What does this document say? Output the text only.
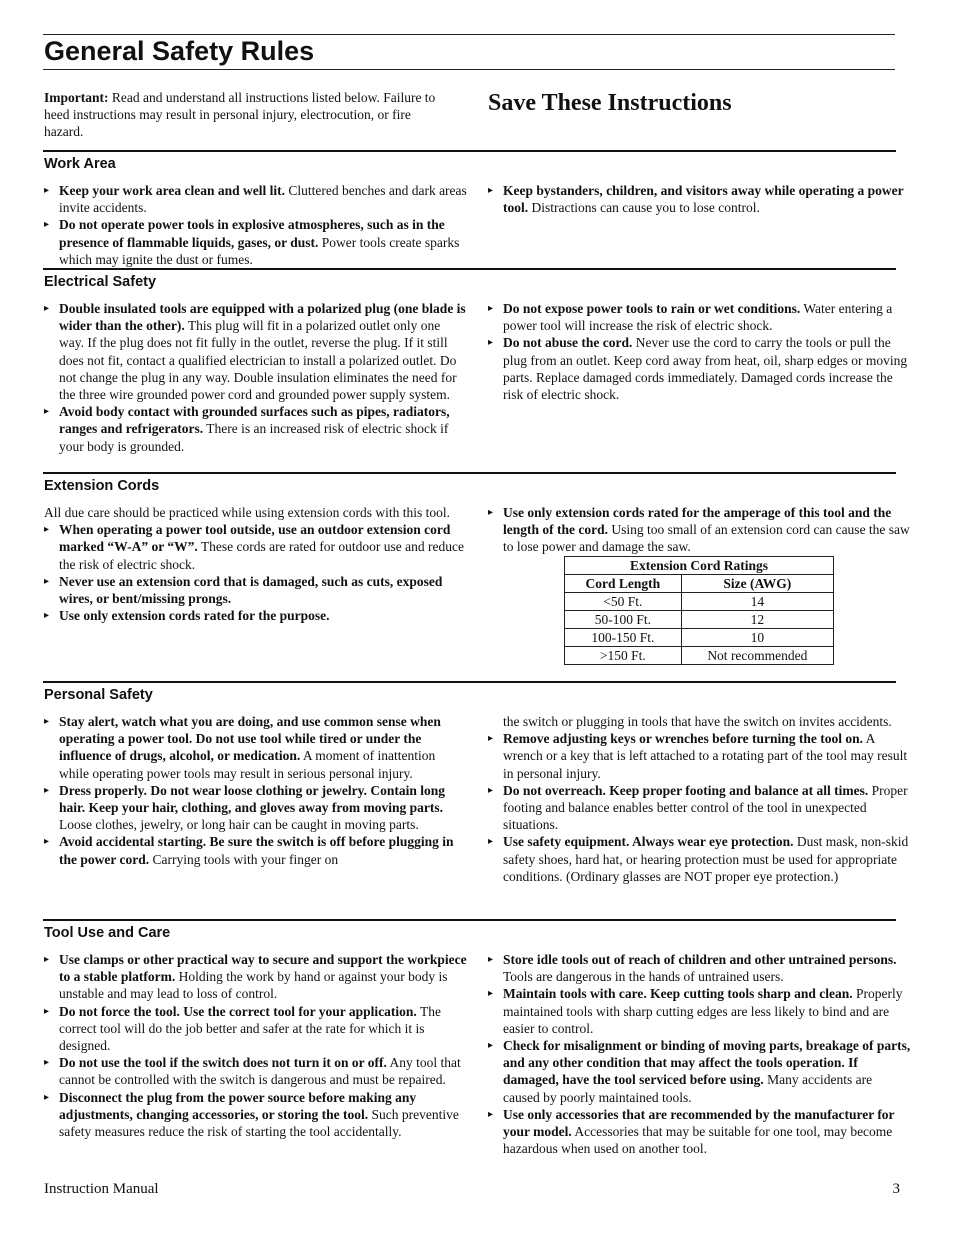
General Safety Rules
Important: Read and understand all instructions listed below. Failure to heed instructions may result in personal injury, electrocution, or fire hazard.
Save These Instructions
Work Area
▸ Keep your work area clean and well lit. Cluttered benches and dark areas invite accidents.
▸ Do not operate power tools in explosive atmospheres, such as in the presence of flammable liquids, gases, or dust. Power tools create sparks which may ignite the dust or fumes.
▸ Keep bystanders, children, and visitors away while operating a power tool. Distractions can cause you to lose control.
Electrical Safety
▸ Double insulated tools are equipped with a polarized plug (one blade is wider than the other). This plug will fit in a polarized outlet only one way. If the plug does not fit fully in the outlet, reverse the plug. If it still does not fit, contact a qualified electrician to install a polarized outlet. Do not change the plug in any way. Double insulation eliminates the need for the three wire grounded power cord and grounded power supply system.
▸ Avoid body contact with grounded surfaces such as pipes, radiators, ranges and refrigerators. There is an increased risk of electric shock if your body is grounded.
▸ Do not expose power tools to rain or wet conditions. Water entering a power tool will increase the risk of electric shock.
▸ Do not abuse the cord. Never use the cord to carry the tools or pull the plug from an outlet. Keep cord away from heat, oil, sharp edges or moving parts. Replace damaged cords immediately. Damaged cords increase the risk of electric shock.
Extension Cords

All due care should be practiced while using extension cords with this tool.

▸ When operating a power tool outside, use an outdoor extension cord marked “W-A” or “W”. These cords are rated for outdoor use and reduce the risk of electric shock.
▸ Never use an extension cord that is damaged, such as cuts, exposed wires, or bent/missing prongs.
▸ Use only extension cords rated for the purpose.
▸ Use only extension cords rated for the amperage of this tool and the length of the cord. Using too small of an extension cord can cause the saw to lose power and damage the saw.
Extension Cord Ratings	
Cord Length	Size (AWG)
<50 Ft.	14
50-100 Ft.	12
100-150 Ft.	10
>150 Ft.	Not recommended
Personal Safety
▸ Stay alert, watch what you are doing, and use common sense when operating a power tool. Do not use tool while tired or under the influence of drugs, alcohol, or medication. A moment of inattention while operating power tools may result in serious personal injury.
▸ Dress properly. Do not wear loose clothing or jewelry. Contain long hair. Keep your hair, clothing, and gloves away from moving parts. Loose clothes, jewelry, or long hair can be caught in moving parts.
▸ Avoid accidental starting. Be sure the switch is off before plugging in the power cord. Carrying tools with your finger on

the switch or plugging in tools that have the switch on invites accidents.

▸ Remove adjusting keys or wrenches before turning the tool on. A wrench or a key that is left attached to a rotating part of the tool may result in personal injury.
▸ Do not overreach. Keep proper footing and balance at all times. Proper footing and balance enables better control of the tool in unexpected situations.
▸ Use safety equipment. Always wear eye protection. Dust mask, non-skid safety shoes, hard hat, or hearing protection must be used for appropriate conditions. (Ordinary glasses are NOT proper eye protection.)
Tool Use and Care
▸ Use clamps or other practical way to secure and support the workpiece to a stable platform. Holding the work by hand or against your body is unstable and may lead to loss of control.
▸ Do not force the tool. Use the correct tool for your application. The correct tool will do the job better and safer at the rate for which it is designed.
▸ Do not use the tool if the switch does not turn it on or off. Any tool that cannot be controlled with the switch is dangerous and must be repaired.
▸ Disconnect the plug from the power source before making any adjustments, changing accessories, or storing the tool. Such preventive safety measures reduce the risk of starting the tool accidentally.
▸ Store idle tools out of reach of children and other untrained persons. Tools are dangerous in the hands of untrained users.
▸ Maintain tools with care. Keep cutting tools sharp and clean. Properly maintained tools with sharp cutting edges are less likely to bind and are easier to control.
▸ Check for misalignment or binding of moving parts, breakage of parts, and any other condition that may affect the tools operation. If damaged, have the tool serviced before using. Many accidents are caused by poorly maintained tools.
▸ Use only accessories that are recommended by the manufacturer for your model. Accessories that may be suitable for one tool, may become hazardous when used on another tool.
Instruction Manual	3
